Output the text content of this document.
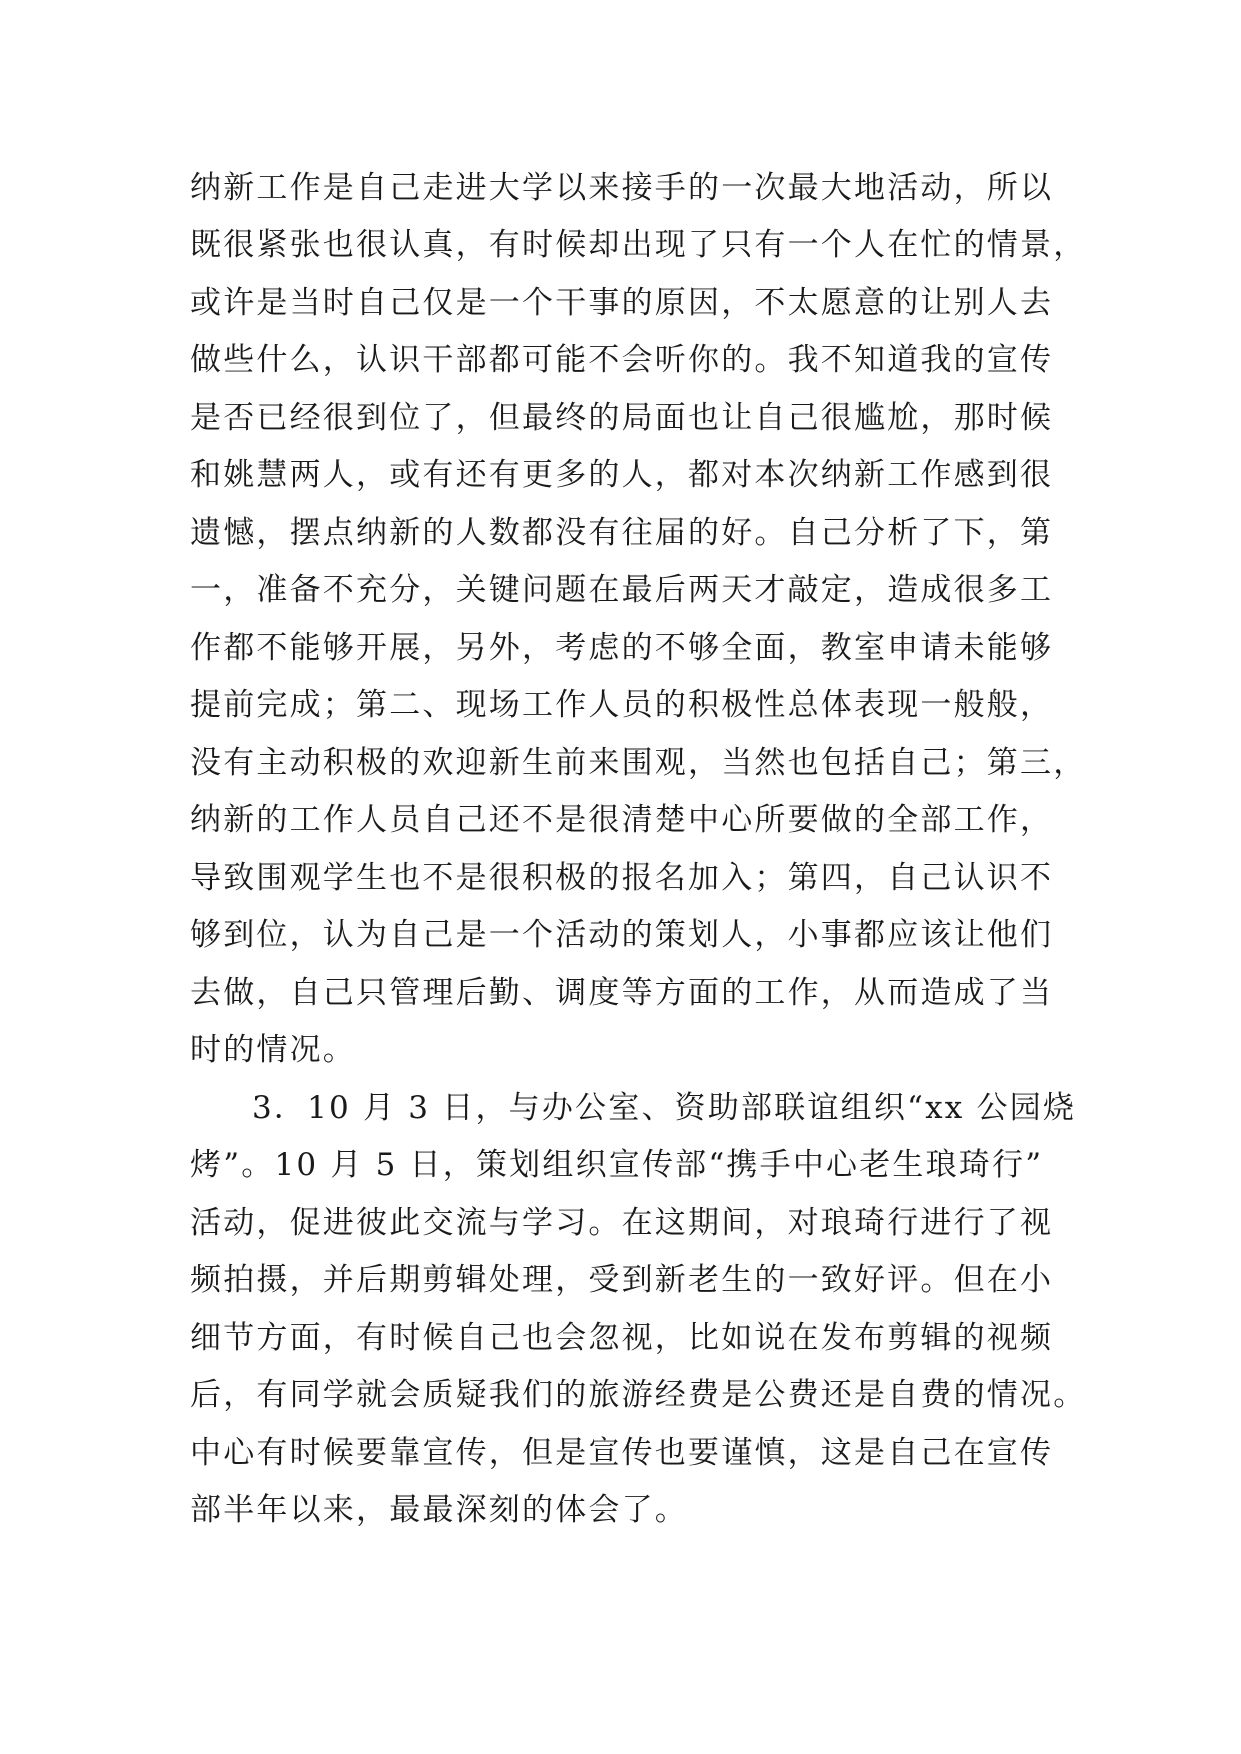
纳新工作是自己走进大学以来接手的一次最大地活动，所以

既很紧张也很认真，有时候却出现了只有一个人在忙的情景，

或许是当时自己仅是一个干事的原因，不太愿意的让别人去

做些什么，认识干部都可能不会听你的。我不知道我的宣传

是否已经很到位了，但最终的局面也让自己很尴尬，那时候

和姚慧两人，或有还有更多的人，都对本次纳新工作感到很

遗憾，摆点纳新的人数都没有往届的好。自己分析了下，第

一，准备不充分，关键问题在最后两天才敲定，造成很多工

作都不能够开展，另外，考虑的不够全面，教室申请未能够

提前完成；第二、现场工作人员的积极性总体表现一般般，

没有主动积极的欢迎新生前来围观，当然也包括自己；第三，

纳新的工作人员自己还不是很清楚中心所要做的全部工作，

导致围观学生也不是很积极的报名加入；第四，自己认识不

够到位，认为自己是一个活动的策划人，小事都应该让他们

去做，自己只管理后勤、调度等方面的工作，从而造成了当

时的情况。

3．10 月 3 日，与办公室、资助部联谊组织“xx 公园烧

烤”。10 月 5 日，策划组织宣传部“携手中心老生琅琦行”

活动，促进彼此交流与学习。在这期间，对琅琦行进行了视

频拍摄，并后期剪辑处理，受到新老生的一致好评。但在小

细节方面，有时候自己也会忽视，比如说在发布剪辑的视频

后，有同学就会质疑我们的旅游经费是公费还是自费的情况。

中心有时候要靠宣传，但是宣传也要谨慎，这是自己在宣传

部半年以来，最最深刻的体会了。
